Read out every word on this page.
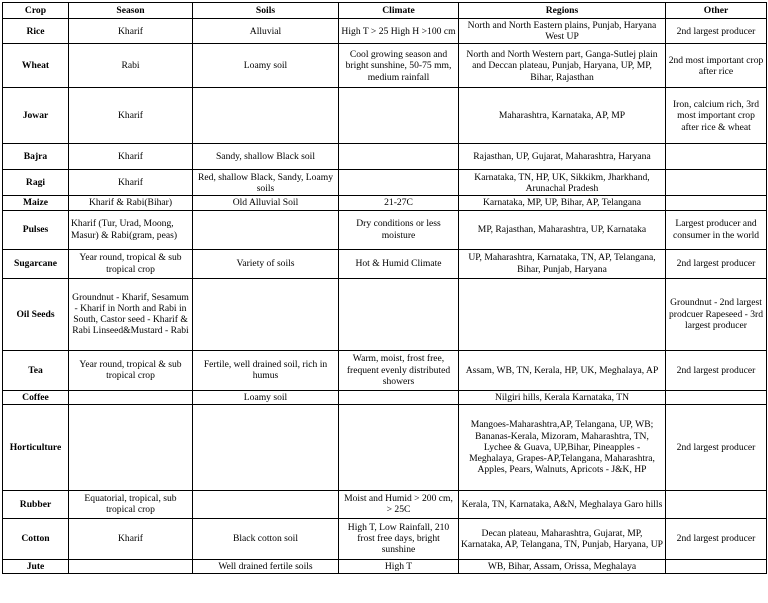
Crop	Season	Soils	Climate	Regions	Other
Rice	Kharif	Alluvial	High T > 25 High H >100 cm	North and North Eastern plains, Punjab, Haryana West UP	2nd largest producer
Wheat	Rabi	Loamy soil	Cool growing season and bright sunshine, 50-75 mm, medium rainfall	North and North Western part, Ganga-Sutlej plain and Deccan plateau, Punjab, Haryana, UP, MP, Bihar, Rajasthan	2nd most important crop after rice
Jowar	Kharif			Maharashtra, Karnataka, AP, MP	Iron, calcium rich, 3rd most important crop after rice & wheat
Bajra	Kharif	Sandy, shallow Black soil		Rajasthan, UP, Gujarat, Maharashtra, Haryana	
Ragi	Kharif	Red, shallow Black, Sandy, Loamy soils		Karnataka, TN, HP, UK, Sikkikm, Jharkhand, Arunachal Pradesh	
Maize	Kharif & Rabi(Bihar)	Old Alluvial Soil	21-27C	Karnataka, MP, UP, Bihar, AP, Telangana	
Pulses	Kharif (Tur, Urad, Moong, Masur) & Rabi(gram, peas)		Dry conditions or less moisture	MP, Rajasthan, Maharashtra, UP, Karnataka	Largest producer and consumer in the world
Sugarcane	Year round, tropical & sub tropical crop	Variety of soils	Hot & Humid Climate	UP, Maharashtra, Karnataka, TN, AP, Telangana, Bihar, Punjab, Haryana	2nd largest producer
Oil Seeds	Groundnut - Kharif, Sesamum - Kharif in North and Rabi in South, Castor seed - Kharif & Rabi Linseed&Mustard - Rabi				Groundnut - 2nd largest prodcuer Rapeseed - 3rd largest producer
Tea	Year round, tropical & sub tropical crop	Fertile, well drained soil, rich in humus	Warm, moist, frost free, frequent evenly distributed showers	Assam, WB, TN, Kerala, HP, UK, Meghalaya, AP	2nd largest producer
Coffee		Loamy soil		Nilgiri hills, Kerala Karnataka, TN	
Horticulture				Mangoes-Maharashtra,AP, Telangana, UP, WB; Bananas-Kerala, Mizoram, Maharashtra, TN, Lychee & Guava, UP,Bihar, Pineapples - Meghalaya, Grapes-AP,Telangana, Maharashtra, Apples, Pears, Walnuts, Apricots - J&K, HP	2nd largest producer
Rubber	Equatorial, tropical, sub tropical crop		Moist and Humid > 200 cm, > 25C	Kerala, TN, Karnataka, A&N, Meghalaya Garo hills	
Cotton	Kharif	Black cotton soil	High T, Low Rainfall, 210 frost free days, bright sunshine	Decan plateau, Maharashtra, Gujarat, MP, Karnataka, AP, Telangana, TN, Punjab, Haryana, UP	2nd largest producer
Jute		Well drained fertile soils	High T	WB, Bihar, Assam, Orissa, Meghalaya	
